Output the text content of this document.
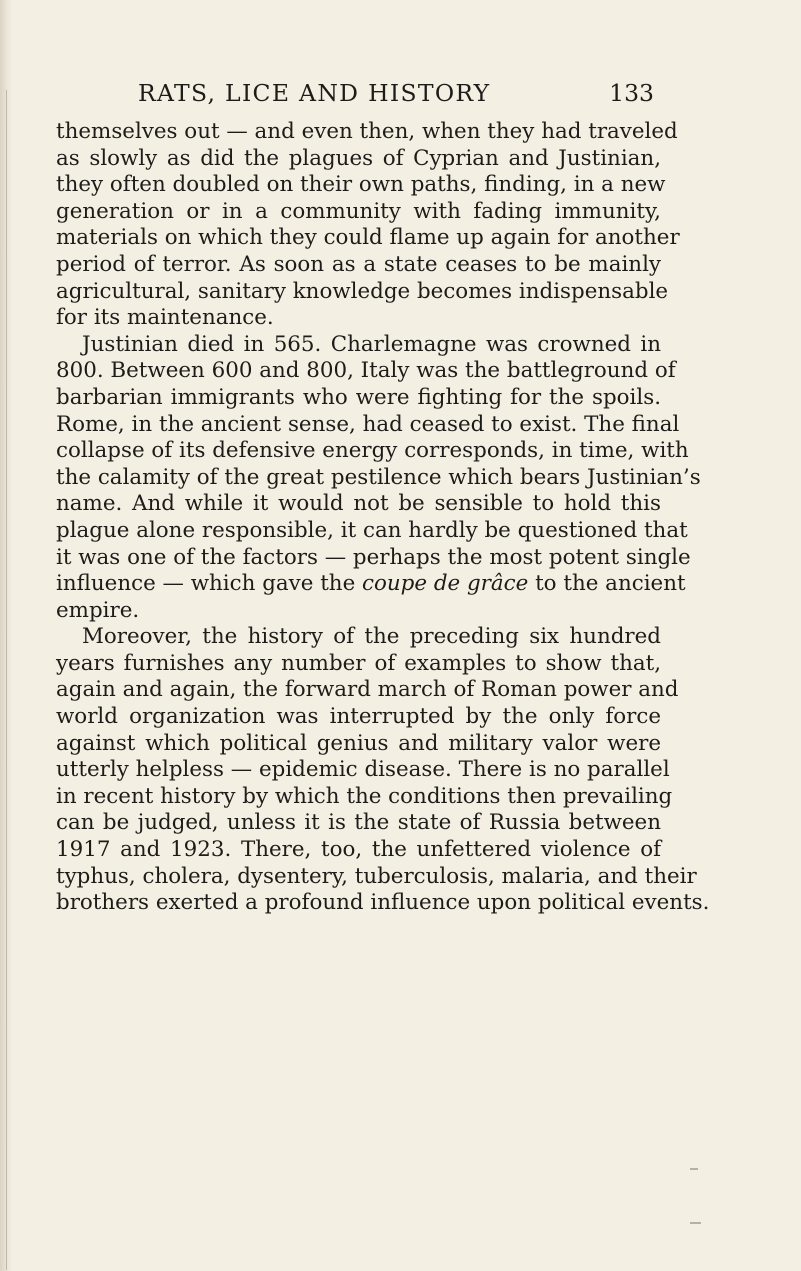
RATS, LICE AND HISTORY	133
themselves out — and even then, when they had traveled
as slowly as did the plagues of Cyprian and Justinian,
they often doubled on their own paths, finding, in a new
generation or in a community with fading immunity,
materials on which they could flame up again for another
period of terror. As soon as a state ceases to be mainly
agricultural, sanitary knowledge becomes indispensable
for its maintenance.
Justinian died in 565. Charlemagne was crowned in
800. Between 600 and 800, Italy was the battleground of
barbarian immigrants who were fighting for the spoils.
Rome, in the ancient sense, had ceased to exist. The final
collapse of its defensive energy corresponds, in time, with
the calamity of the great pestilence which bears Justinian’s
name. And while it would not be sensible to hold this
plague alone responsible, it can hardly be questioned that
it was one of the factors — perhaps the most potent single
influence — which gave the coupe de grâce to the ancient
empire.
Moreover, the history of the preceding six hundred
years furnishes any number of examples to show that,
again and again, the forward march of Roman power and
world organization was interrupted by the only force
against which political genius and military valor were
utterly helpless — epidemic disease. There is no parallel
in recent history by which the conditions then prevailing
can be judged, unless it is the state of Russia between
1917 and 1923. There, too, the unfettered violence of
typhus, cholera, dysentery, tuberculosis, malaria, and their
brothers exerted a profound influence upon political events.
